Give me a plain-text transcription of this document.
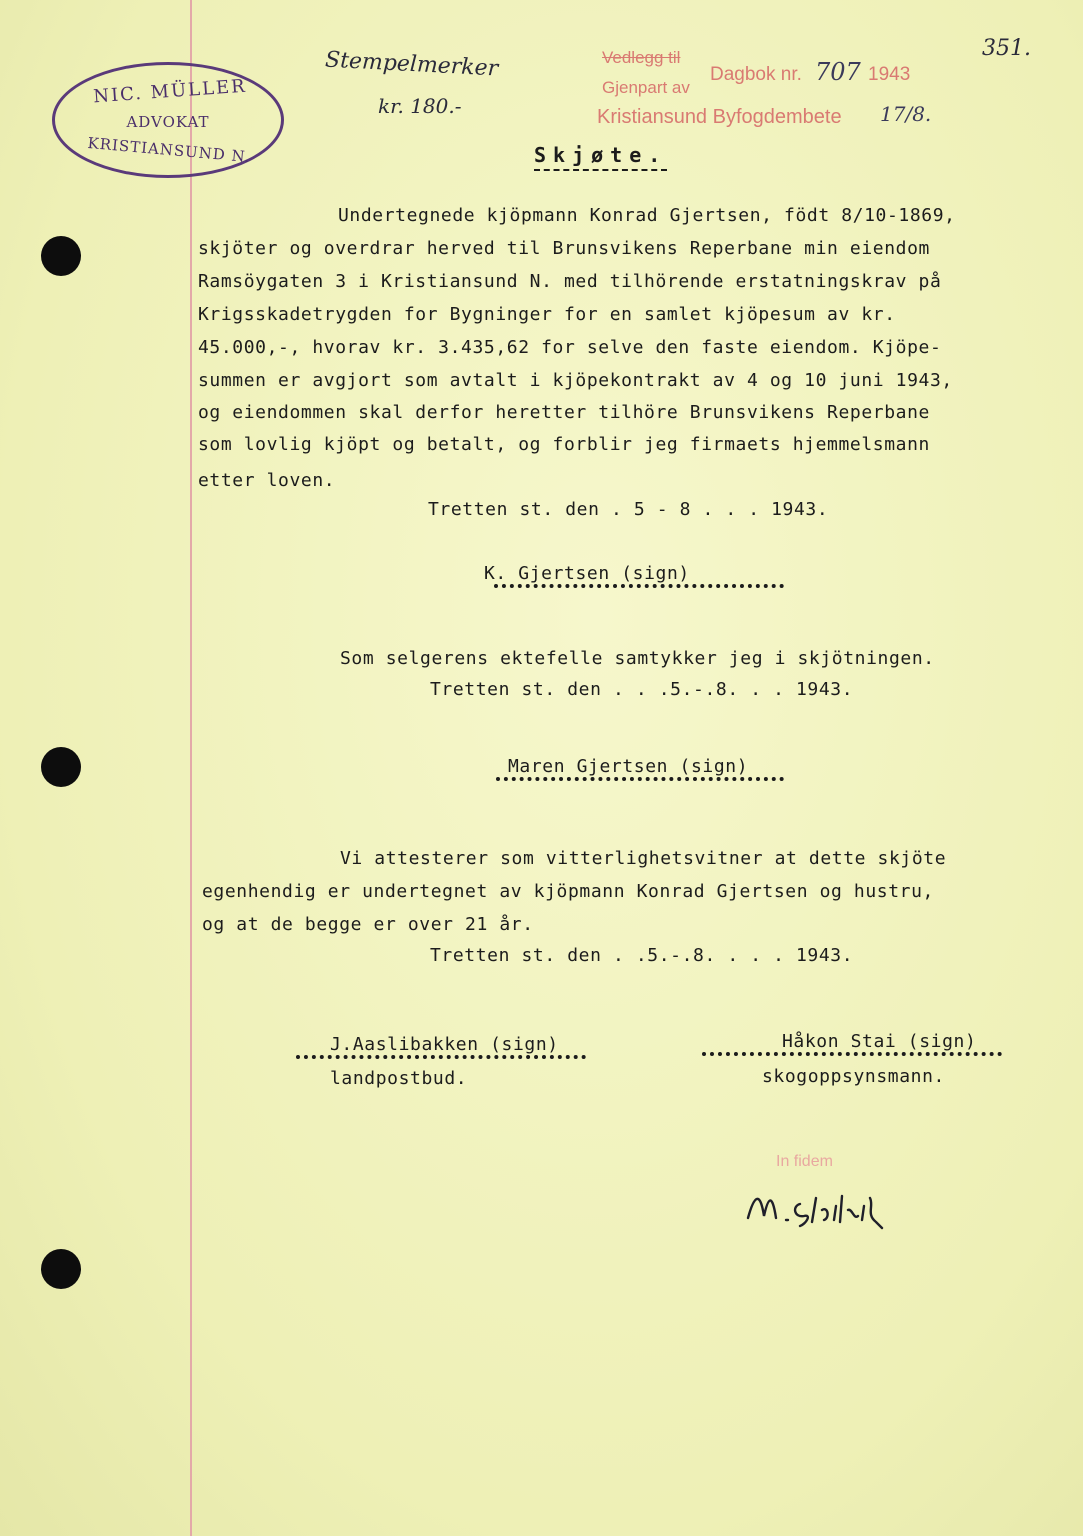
351.
NIC. MÜLLER
ADVOKAT
KRISTIANSUND N.
Stempelmerker
kr. 180.-
Vedlegg til
Gjenpart av
Dagbok nr. 707 1943
Kristiansund Byfogdembete 17/8.
Skjøte.
Undertegnede kjöpmann Konrad Gjertsen, födt 8/10-1869,
skjöter og overdrar herved til Brunsvikens Reperbane min eiendom
Ramsöygaten 3 i Kristiansund N. med tilhörende erstatningskrav på
Krigsskadetrygden for Bygninger for en samlet kjöpesum av kr.
45.000,-, hvorav kr. 3.435,62 for selve den faste eiendom. Kjöpe-
summen er avgjort som avtalt i kjöpekontrakt av 4 og 10 juni 1943,
og eiendommen skal derfor heretter tilhöre Brunsvikens Reperbane
som lovlig kjöpt og betalt, og forblir jeg firmaets hjemmelsmann
etter loven.
Tretten st. den . 5 - 8 . . . 1943.
K. Gjertsen (sign)
Som selgerens ektefelle samtykker jeg i skjötningen.
Tretten st. den . . .5.-.8. . . 1943.
Maren Gjertsen (sign)
Vi attesterer som vitterlighetsvitner at dette skjöte
egenhendig er undertegnet av kjöpmann Konrad Gjertsen og hustru,
og at de begge er over 21 år.
Tretten st. den . .5.-.8. . . . 1943.
J.Aaslibakken (sign)
landpostbud.
Håkon Stai (sign)
skogoppsynsmann.
In fidem
